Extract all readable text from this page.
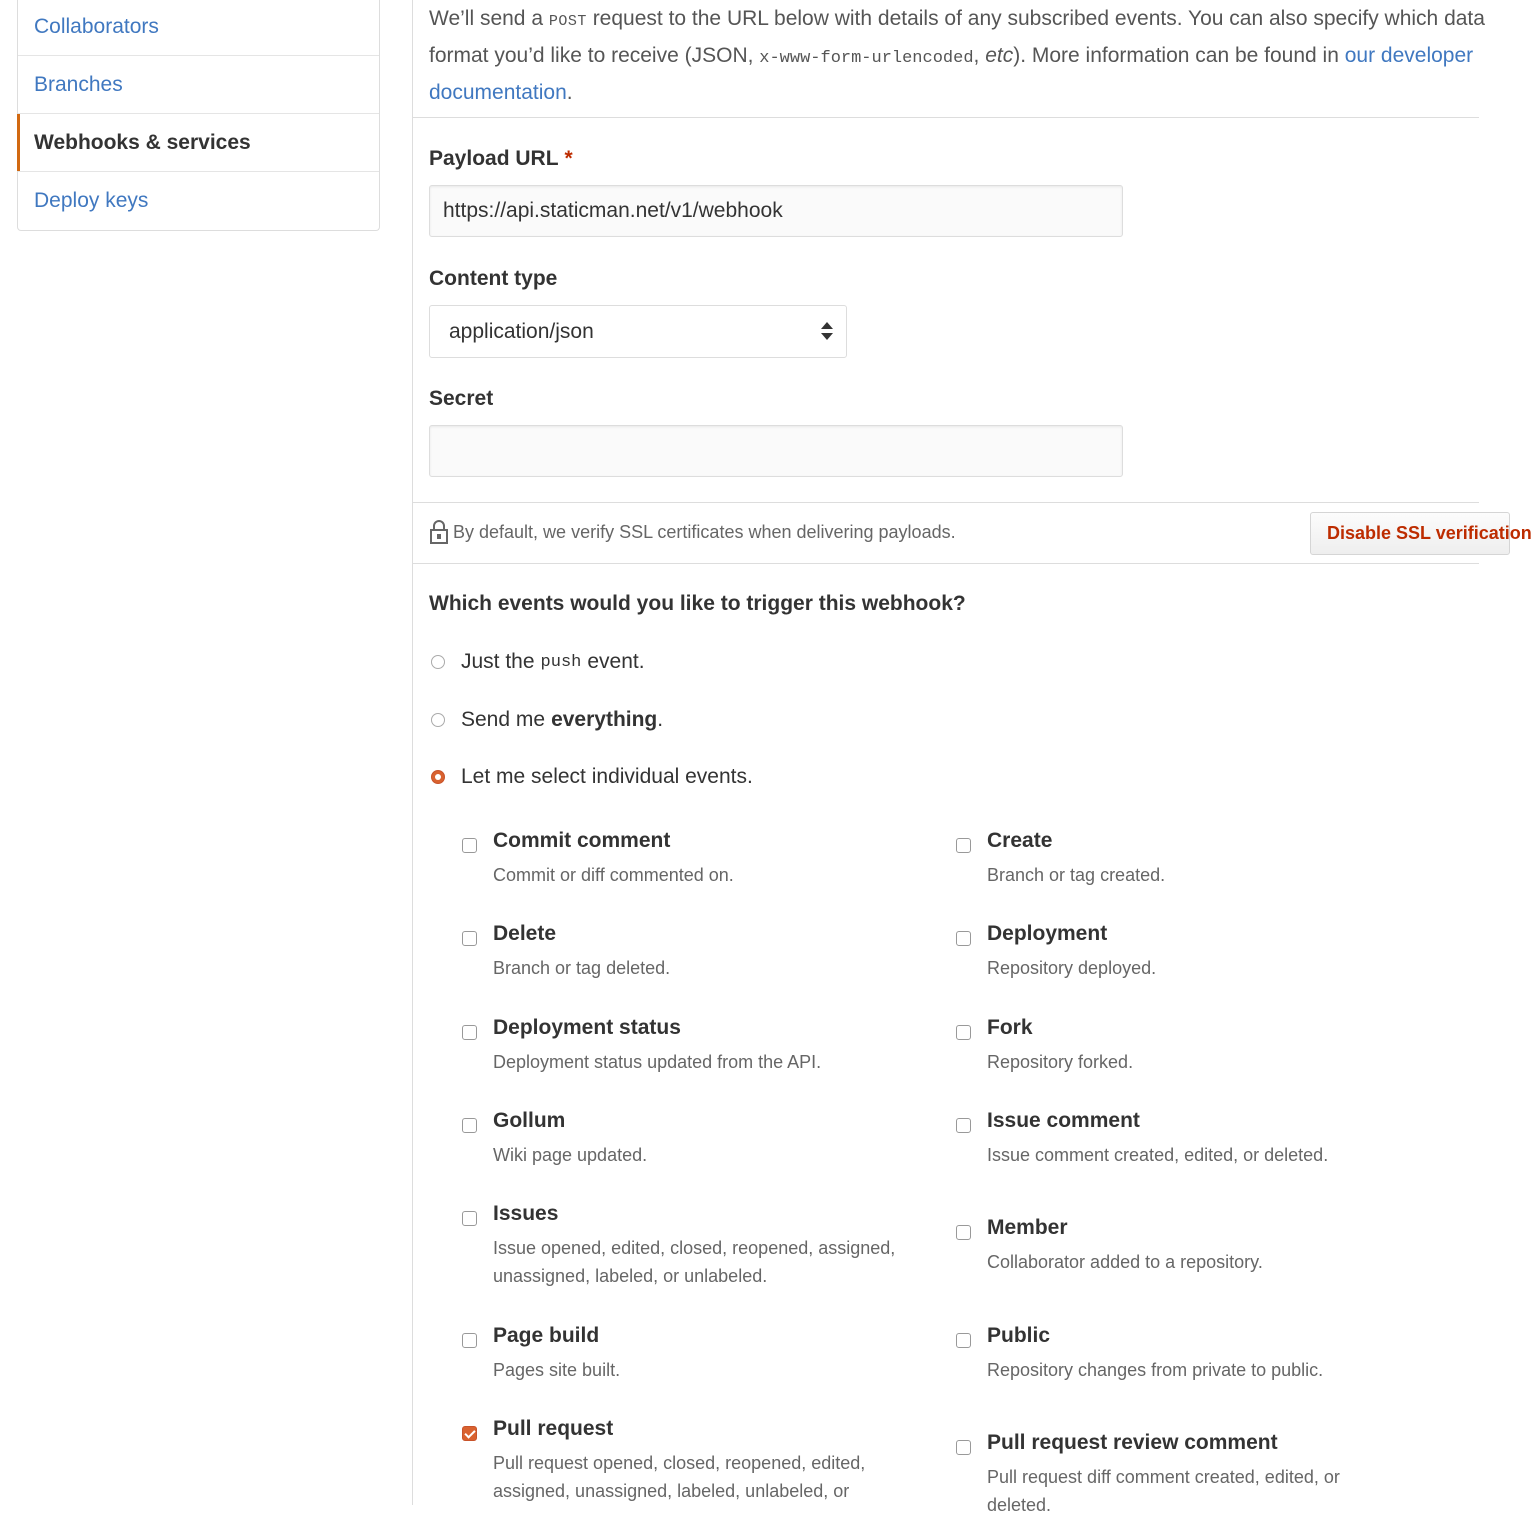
Collaborators
Branches
Webhooks & services
Deploy keys

We’ll send a POST request to the URL below with details of any subscribed events. You can also specify which data format you’d like to receive (JSON, x-www-form-urlencoded, etc). More information can be found in our developer documentation.

Payload URL *
https://api.staticman.net/v1/webhook
Content type
application/json
Secret
By default, we verify SSL certificates when delivering payloads.	Disable SSL verification
Which events would you like to trigger this webhook?
Just the push event.
Send me everything .
Let me select individual events.
Commit comment
Commit or diff commented on.
Create
Branch or tag created.
Delete
Branch or tag deleted.
Deployment
Repository deployed.
Deployment status
Deployment status updated from the API.
Fork
Repository forked.
Gollum
Wiki page updated.
Issue comment
Issue comment created, edited, or deleted.
Issues
Issue opened, edited, closed, reopened, assigned, unassigned, labeled, or unlabeled.
Member
Collaborator added to a repository.
Page build
Pages site built.
Public
Repository changes from private to public.
Pull request
Pull request opened, closed, reopened, edited, assigned, unassigned, labeled, unlabeled, or
Pull request review comment
Pull request diff comment created, edited, or deleted.
